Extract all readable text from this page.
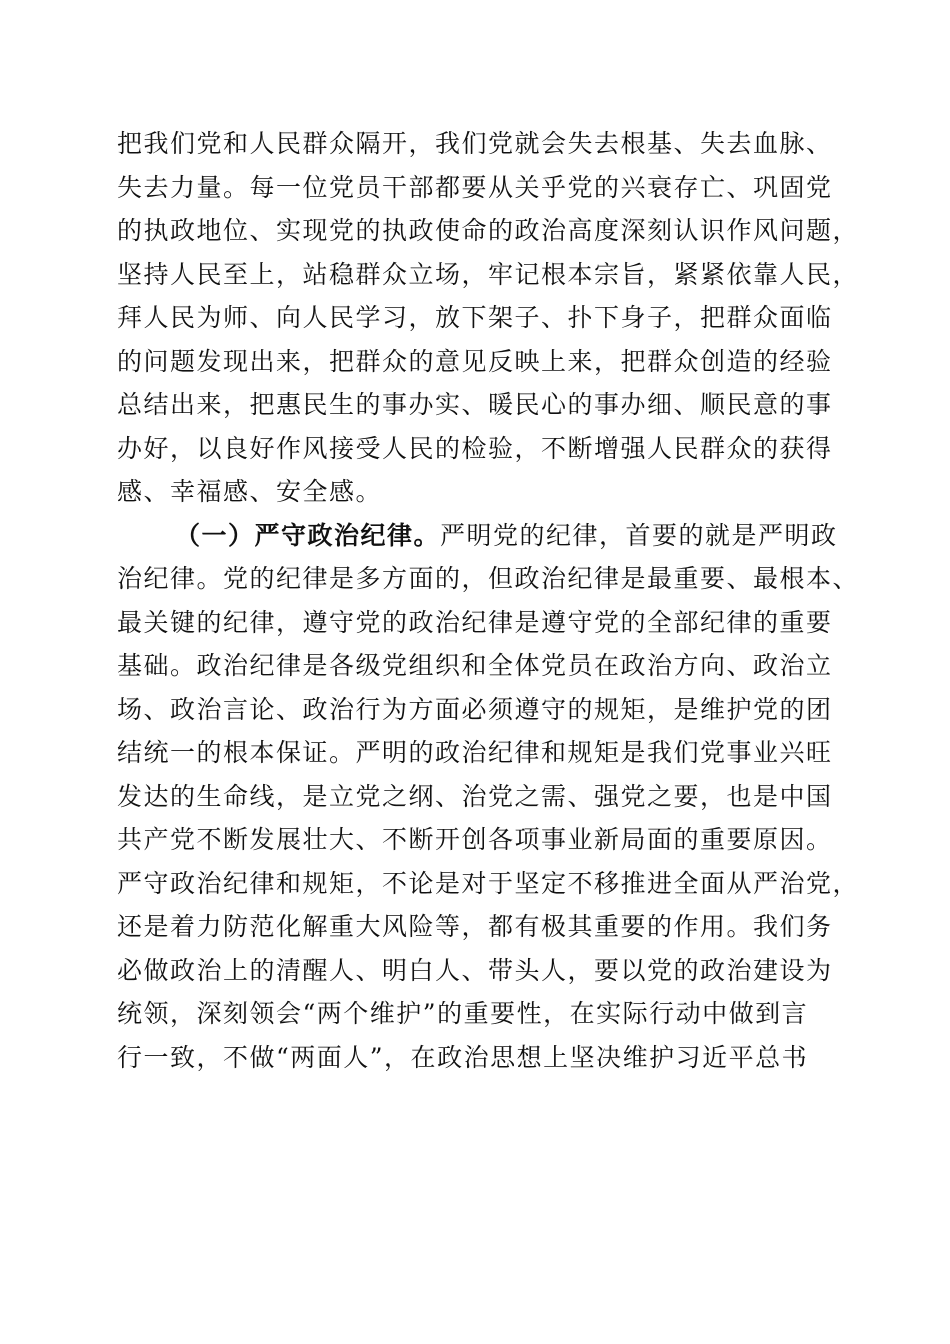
把我们党和人民群众隔开，我们党就会失去根基、失去血脉、
失去力量。每一位党员干部都要从关乎党的兴衰存亡、巩固党
的执政地位、实现党的执政使命的政治高度深刻认识作风问题，
坚持人民至上，站稳群众立场，牢记根本宗旨，紧紧依靠人民，
拜人民为师、向人民学习，放下架子、扑下身子，把群众面临
的问题发现出来，把群众的意见反映上来，把群众创造的经验
总结出来，把惠民生的事办实、暖民心的事办细、顺民意的事
办好，以良好作风接受人民的检验，不断增强人民群众的获得
感、幸福感、安全感。
（一）严守政治纪律。严明党的纪律，首要的就是严明政
治纪律。党的纪律是多方面的，但政治纪律是最重要、最根本、
最关键的纪律，遵守党的政治纪律是遵守党的全部纪律的重要
基础。政治纪律是各级党组织和全体党员在政治方向、政治立
场、政治言论、政治行为方面必须遵守的规矩，是维护党的团
结统一的根本保证。严明的政治纪律和规矩是我们党事业兴旺
发达的生命线，是立党之纲、治党之需、强党之要，也是中国
共产党不断发展壮大、不断开创各项事业新局面的重要原因。
严守政治纪律和规矩，不论是对于坚定不移推进全面从严治党，
还是着力防范化解重大风险等，都有极其重要的作用。我们务
必做政治上的清醒人、明白人、带头人，要以党的政治建设为
统领，深刻领会“两个维护”的重要性，在实际行动中做到言
行一致，不做“两面人”，在政治思想上坚决维护习近平总书
